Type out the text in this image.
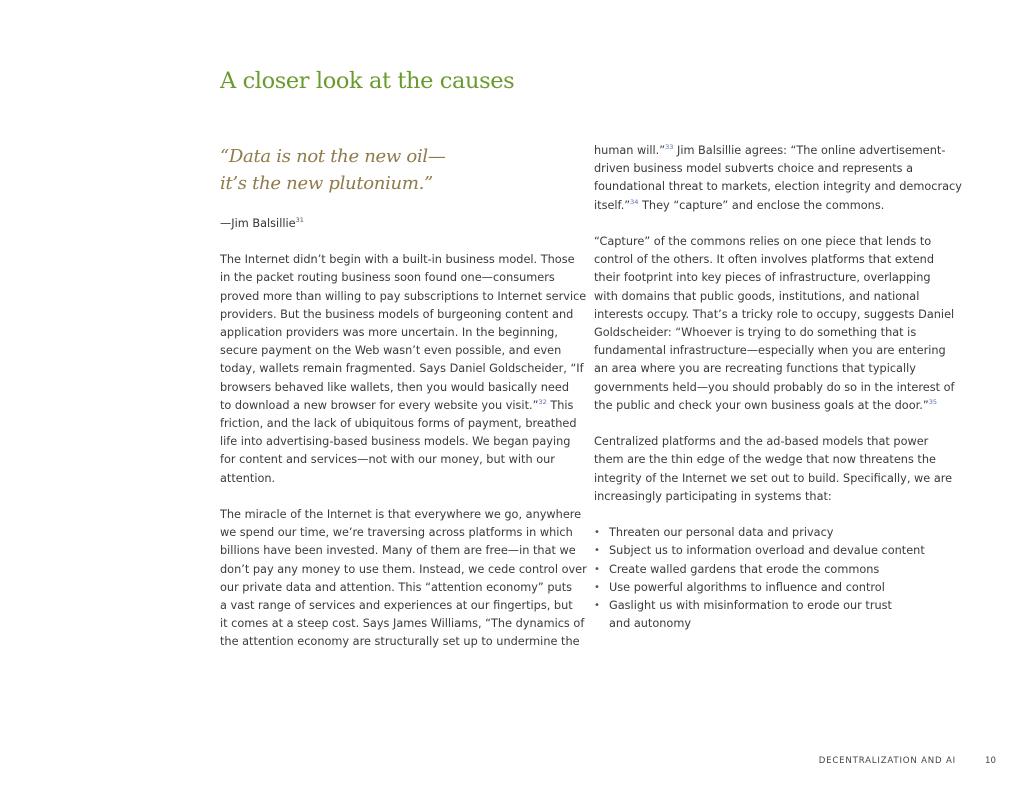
A closer look at the causes
“Data is not the new oil—
it’s the new plutonium.”
—Jim Balsillie$^{31}$

The Internet didn’t begin with a built-in business model. Those
in the packet routing business soon found one—consumers
proved more than willing to pay subscriptions to Internet service
providers. But the business models of burgeoning content and
application providers was more uncertain. In the beginning,
secure payment on the Web wasn’t even possible, and even
today, wallets remain fragmented. Says Daniel Goldscheider, “If
browsers behaved like wallets, then you would basically need
to download a new browser for every website you visit.”$^{32}$ This
friction, and the lack of ubiquitous forms of payment, breathed
life into advertising-based business models. We began paying
for content and services—not with our money, but with our
attention.

The miracle of the Internet is that everywhere we go, anywhere
we spend our time, we’re traversing across platforms in which
billions have been invested. Many of them are free—in that we
don’t pay any money to use them. Instead, we cede control over
our private data and attention. This “attention economy” puts
a vast range of services and experiences at our fingertips, but
it comes at a steep cost. Says James Williams, “The dynamics of
the attention economy are structurally set up to undermine the

human will.”$^{33}$ Jim Balsillie agrees: “The online advertisement-
driven business model subverts choice and represents a
foundational threat to markets, election integrity and democracy
itself.”$^{34}$ They “capture” and enclose the commons.

“Capture” of the commons relies on one piece that lends to
control of the others. It often involves platforms that extend
their footprint into key pieces of infrastructure, overlapping
with domains that public goods, institutions, and national
interests occupy. That’s a tricky role to occupy, suggests Daniel
Goldscheider: “Whoever is trying to do something that is
fundamental infrastructure—especially when you are entering
an area where you are recreating functions that typically
governments held—you should probably do so in the interest of
the public and check your own business goals at the door.”$^{35}$

Centralized platforms and the ad-based models that power
them are the thin edge of the wedge that now threatens the
integrity of the Internet we set out to build. Specifically, we are
increasingly participating in systems that:

• Threaten our personal data and privacy
• Subject us to information overload and devalue content
• Create walled gardens that erode the commons
• Use powerful algorithms to influence and control
• Gaslight us with misinformation to erode our trust
and autonomy
DECENTRALIZATION AND AI	10
